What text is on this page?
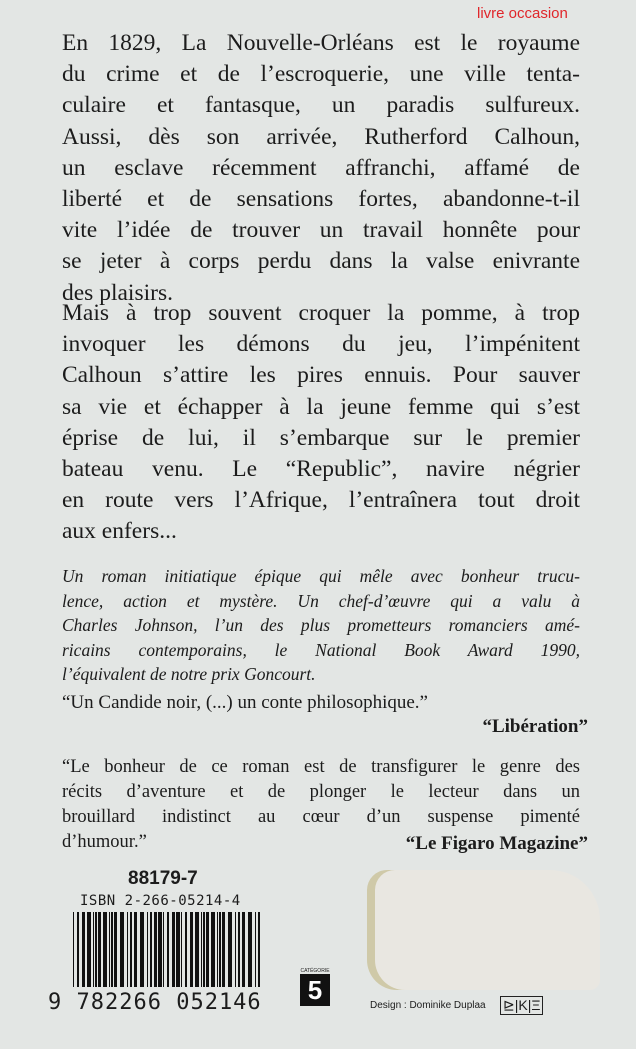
En 1829, La Nouvelle-Orléans est le royaume
du crime et de l’escroquerie, une ville tenta-
culaire et fantasque, un paradis sulfureux.
Aussi, dès son arrivée, Rutherford Calhoun,
un esclave récemment affranchi, affamé de
liberté et de sensations fortes, abandonne-t-il
vite l’idée de trouver un travail honnête pour
se jeter à corps perdu dans la valse enivrante
des plaisirs.
Mais à trop souvent croquer la pomme, à trop
invoquer les démons du jeu, l’impénitent
Calhoun s’attire les pires ennuis. Pour sauver
sa vie et échapper à la jeune femme qui s’est
éprise de lui, il s’embarque sur le premier
bateau venu. Le “Republic”, navire négrier
en route vers l’Afrique, l’entraînera tout droit
aux enfers...
livre occasion
Un roman initiatique épique qui mêle avec bonheur trucu-
lence, action et mystère. Un chef-d’œuvre qui a valu à
Charles Johnson, l’un des plus prometteurs romanciers amé-
ricains contemporains, le National Book Award 1990,
l’équivalent de notre prix Goncourt.
“Un Candide noir, (...) un conte philosophique.”
“Libération”
“Le bonheur de ce roman est de transfigurer le genre des
récits d’aventure et de plonger le lecteur dans un
brouillard indistinct au cœur d’un suspense pimenté
d’humour.”	“Le Figaro Magazine”
88179-7
ISBN 2-266-05214-4
9 782266 052146
CATÉGORIE
5
Design : Dominike Duplaa ⊵|K|Ξ
